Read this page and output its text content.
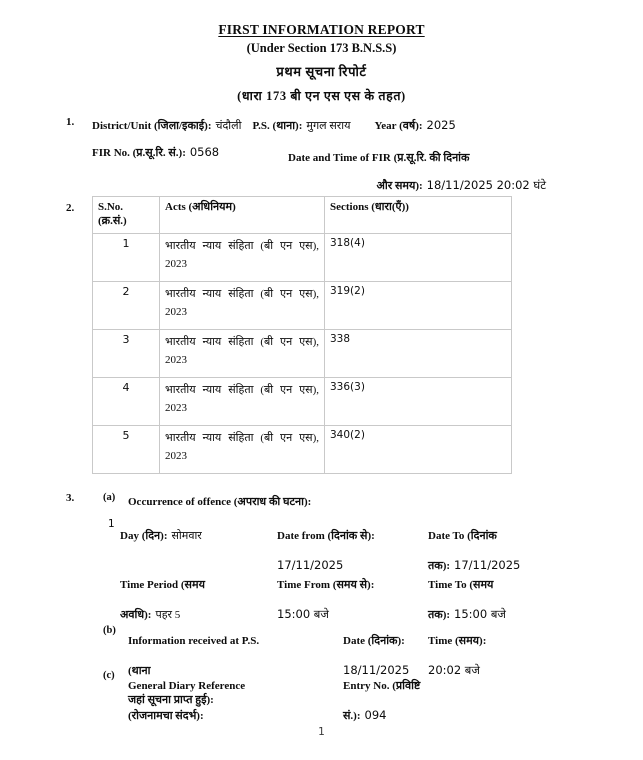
FIRST INFORMATION REPORT
(Under Section 173 B.N.S.S)
प्रथम सूचना रिपोर्ट
(धारा 173 बी एन एस एस के तहत)
1. District/Unit (जिला/इकाई): चंदौली P.S. (थाना): मुगल सराय Year (वर्ष): 2025
FIR No. (प्र.सू.रि. सं.): 0568	Date and Time of FIR (प्र.सू.रि. की दिनांक
और समय): 18/11/2025 20:02 घंटे
2. S.No.
(क्र.सं.)	Acts (अधिनियम)	Sections (धारा(एँ))
1	भारतीय न्याय संहिता (बी एन एस), 2023	318(4)
2	भारतीय न्याय संहिता (बी एन एस), 2023	319(2)
3	भारतीय न्याय संहिता (बी एन एस), 2023	338
4	भारतीय न्याय संहिता (बी एन एस), 2023	336(3)
5	भारतीय न्याय संहिता (बी एन एस), 2023	340(2)
3.	(a) Occurrence of offence (अपराध की घटना):
1
Day (दिन): सोमवार	Date from (दिनांक से):
17/11/2025
Date To (दिनांक
तक): 17/11/2025
Time Period (समय
अवधि): पहर 5
Time From (समय से):
15:00 बजे
Time To (समय
तक): 15:00 बजे
(b)
Information received at P.S. (थाना
जहां सूचना प्राप्त हुई):
Date (दिनांक):
18/11/2025
Time (समय):
20:02 बजे
(c)
General Diary Reference
(रोजनामचा संदर्भ):
Entry No. (प्रविष्टि
सं.): 094
1
